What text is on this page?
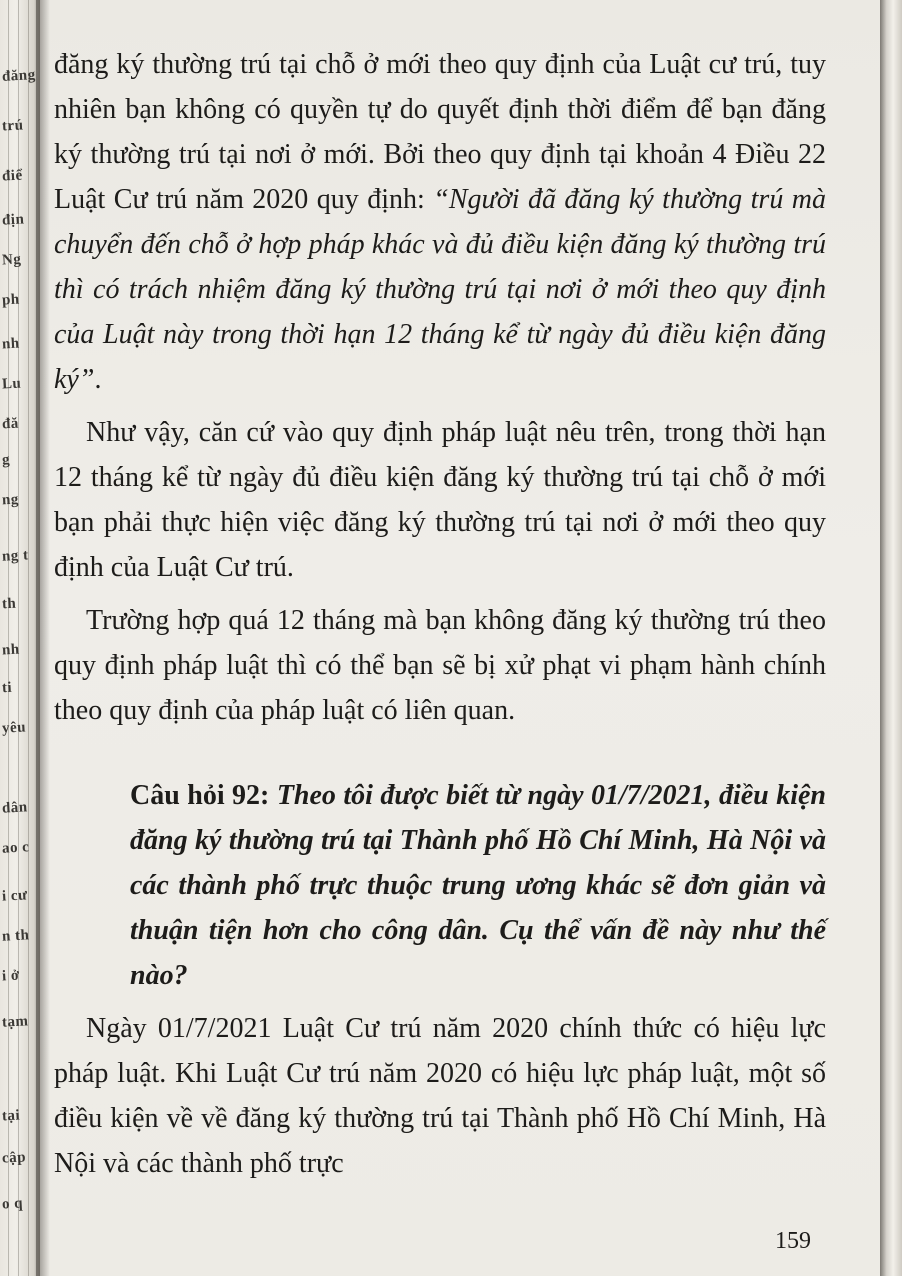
đăng
trú
điể
địn
Ng
ph
nh
Lu
đă
g
ng
ng t
th
nh
ti
yêu
dân
ao c
i cư
n th
i ở
tạm
tại
cập
o q

đăng ký thường trú tại chỗ ở mới theo quy định của Luật cư trú, tuy nhiên bạn không có quyền tự do quyết định thời điểm để bạn đăng ký thường trú tại nơi ở mới. Bởi theo quy định tại khoản 4 Điều 22 Luật Cư trú năm 2020 quy định: “Người đã đăng ký thường trú mà chuyển đến chỗ ở hợp pháp khác và đủ điều kiện đăng ký thường trú thì có trách nhiệm đăng ký thường trú tại nơi ở mới theo quy định của Luật này trong thời hạn 12 tháng kể từ ngày đủ điều kiện đăng ký”.

Như vậy, căn cứ vào quy định pháp luật nêu trên, trong thời hạn 12 tháng kể từ ngày đủ điều kiện đăng ký thường trú tại chỗ ở mới bạn phải thực hiện việc đăng ký thường trú tại nơi ở mới theo quy định của Luật Cư trú.

Trường hợp quá 12 tháng mà bạn không đăng ký thường trú theo quy định pháp luật thì có thể bạn sẽ bị xử phạt vi phạm hành chính theo quy định của pháp luật có liên quan.

Câu hỏi 92: Theo tôi được biết từ ngày 01/7/2021, điều kiện đăng ký thường trú tại Thành phố Hồ Chí Minh, Hà Nội và các thành phố trực thuộc trung ương khác sẽ đơn giản và thuận tiện hơn cho công dân. Cụ thể vấn đề này như thế nào?

Ngày 01/7/2021 Luật Cư trú năm 2020 chính thức có hiệu lực pháp luật. Khi Luật Cư trú năm 2020 có hiệu lực pháp luật, một số điều kiện về về đăng ký thường trú tại Thành phố Hồ Chí Minh, Hà Nội và các thành phố trực

159
